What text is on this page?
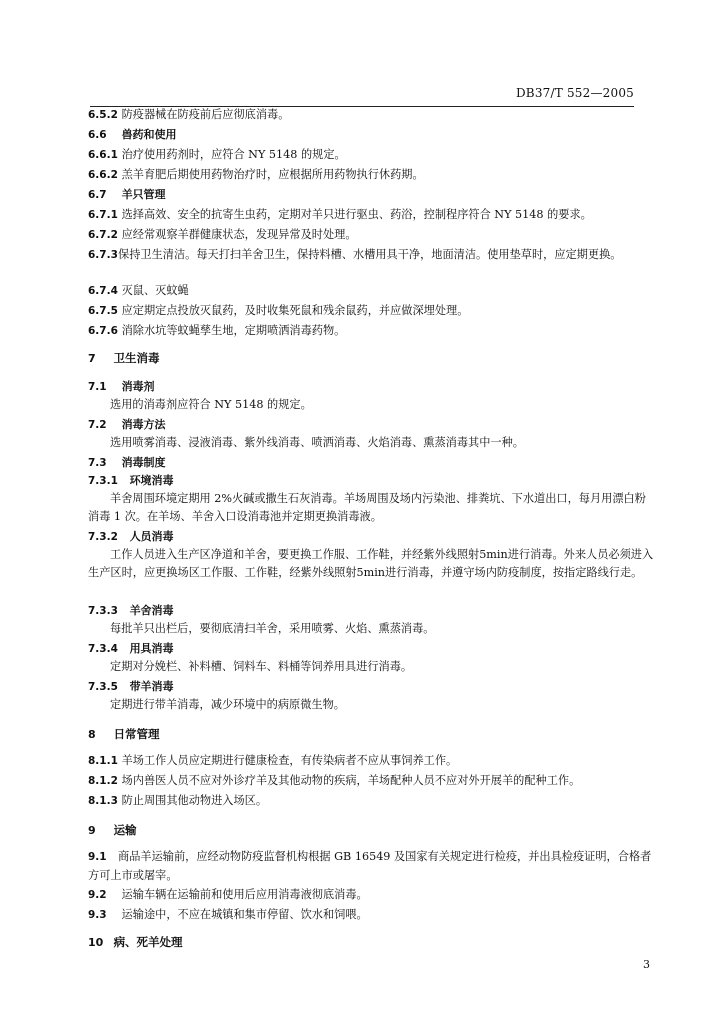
DB37/T 552—2005
6.5.2 防疫器械在防疫前后应彻底消毒。
6.6 兽药和使用
6.6.1 治疗使用药剂时，应符合 NY 5148 的规定。
6.6.2 羔羊育肥后期使用药物治疗时，应根据所用药物执行休药期。
6.7 羊只管理
6.7.1 选择高效、安全的抗寄生虫药，定期对羊只进行驱虫、药浴，控制程序符合 NY 5148 的要求。
6.7.2 应经常观察羊群健康状态，发现异常及时处理。
6.7.3保持卫生清洁。每天打扫羊舍卫生，保持料槽、水槽用具干净，地面清洁。使用垫草时，应定期更换。
6.7.4 灭鼠、灭蚊蝇
6.7.5 应定期定点投放灭鼠药，及时收集死鼠和残余鼠药，并应做深埋处理。
6.7.6 消除水坑等蚊蝇孳生地，定期喷洒消毒药物。
7 卫生消毒
7.1 消毒剂
选用的消毒剂应符合 NY 5148 的规定。
7.2 消毒方法
选用喷雾消毒、浸液消毒、紫外线消毒、喷洒消毒、火焰消毒、熏蒸消毒其中一种。
7.3 消毒制度
7.3.1 环境消毒
羊舍周围环境定期用 2%火碱或撒生石灰消毒。羊场周围及场内污染池、排粪坑、下水道出口，每月用漂白粉消毒 1 次。在羊场、羊舍入口设消毒池并定期更换消毒液。
7.3.2 人员消毒
工作人员进入生产区净道和羊舍，要更换工作服、工作鞋，并经紫外线照射5min进行消毒。外来人员必须进入生产区时，应更换场区工作服、工作鞋，经紫外线照射5min进行消毒，并遵守场内防疫制度，按指定路线行走。
7.3.3 羊舍消毒
每批羊只出栏后，要彻底清扫羊舍，采用喷雾、火焰、熏蒸消毒。
7.3.4 用具消毒
定期对分娩栏、补料槽、饲料车、料桶等饲养用具进行消毒。
7.3.5 带羊消毒
定期进行带羊消毒，减少环境中的病原微生物。
8 日常管理
8.1.1 羊场工作人员应定期进行健康检查，有传染病者不应从事饲养工作。
8.1.2 场内兽医人员不应对外诊疗羊及其他动物的疾病，羊场配种人员不应对外开展羊的配种工作。
8.1.3 防止周围其他动物进入场区。
9 运输
9.1 商品羊运输前，应经动物防疫监督机构根据 GB 16549 及国家有关规定进行检疫，并出具检疫证明，合格者方可上市或屠宰。
9.2 运输车辆在运输前和使用后应用消毒液彻底消毒。
9.3 运输途中，不应在城镇和集市停留、饮水和饲喂。
10 病、死羊处理
3
